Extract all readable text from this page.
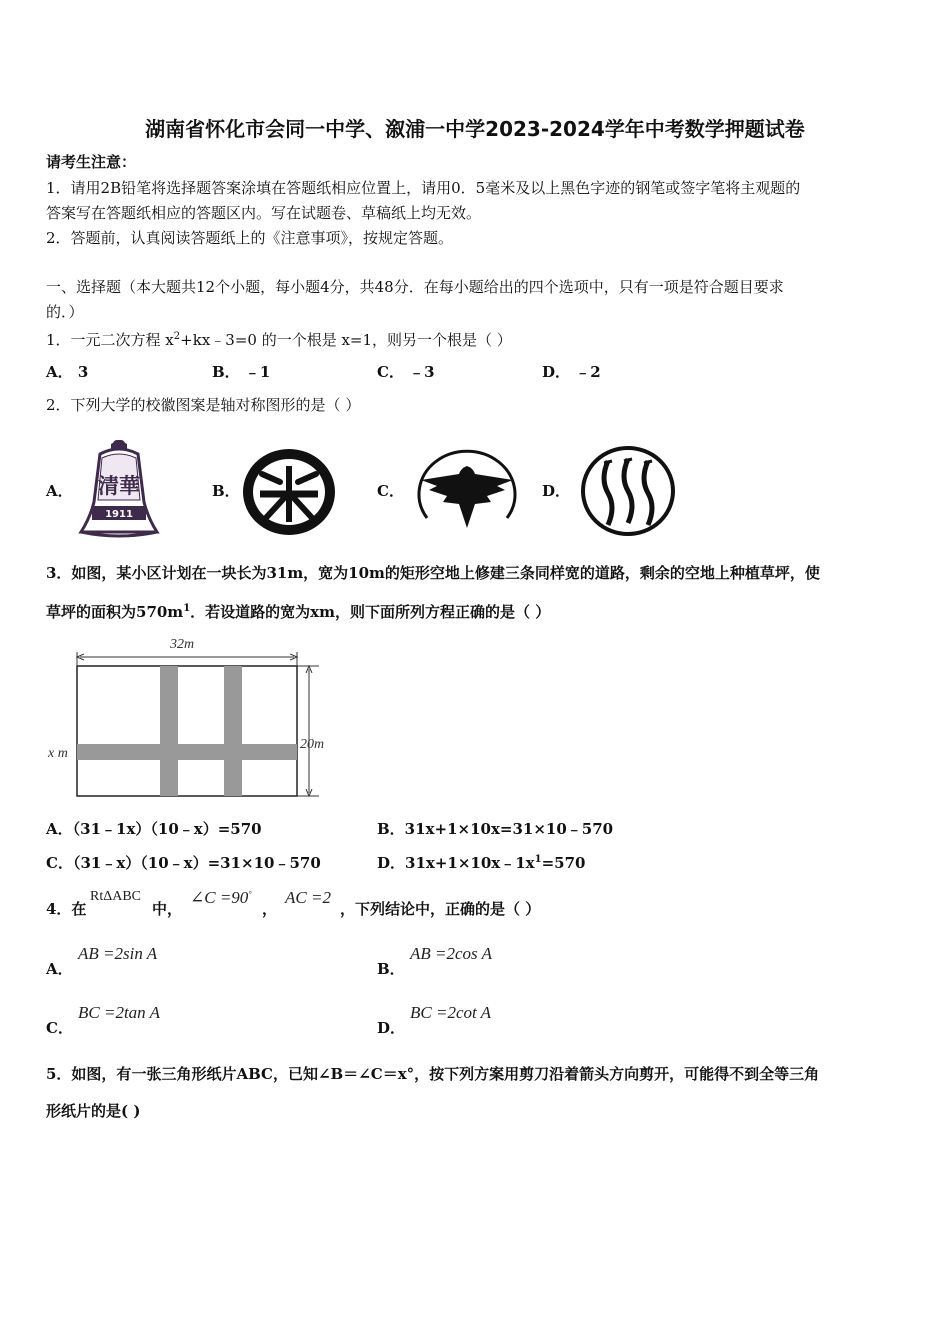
湖南省怀化市会同一中学、溆浦一中学2023-2024学年中考数学押题试卷
请考生注意：
1．请用2B铅笔将选择题答案涂填在答题纸相应位置上，请用0．5毫米及以上黑色字迹的钢笔或签字笔将主观题的
答案写在答题纸相应的答题区内。写在试题卷、草稿纸上均无效。
2．答题前，认真阅读答题纸上的《注意事项》，按规定答题。
一、选择题（本大题共12个小题，每小题4分，共48分．在每小题给出的四个选项中，只有一项是符合题目要求
的．）
1．一元二次方程 $x^2+kx﹣3=0$ 的一个根是 x=1，则另一个根是（ ）
A． 3	B． ﹣1	C． ﹣3	D． ﹣2
2．下列大学的校徽图案是轴对称图形的是（ ）
A．	B．	C．	D．
清華
1911
3．如图，某小区计划在一块长为31m，宽为10m的矩形空地上修建三条同样宽的道路，剩余的空地上种植草坪，使
草坪的面积为$570m^1$．若设道路的宽为xm，则下面所列方程正确的是（ ）
32m
20m
x m
A．（31﹣1x）（10﹣x）=570	B．31x+1×10x=31×10﹣570
C．（31﹣x）（10﹣x）=31×10﹣570	D．$31x+1\times 10x﹣1x^1=570$
4．在
RtΔABC
中，
∠C =90°
，
AC =2
，下列结论中，正确的是（ ）
A．
AB =2sin A
B．
AB =2cos A
C．
BC =2tan A
D．
BC =2cot A
5．如图，有一张三角形纸片ABC，已知∠B＝∠C＝x°，按下列方案用剪刀沿着箭头方向剪开，可能得不到全等三角
形纸片的是( )
